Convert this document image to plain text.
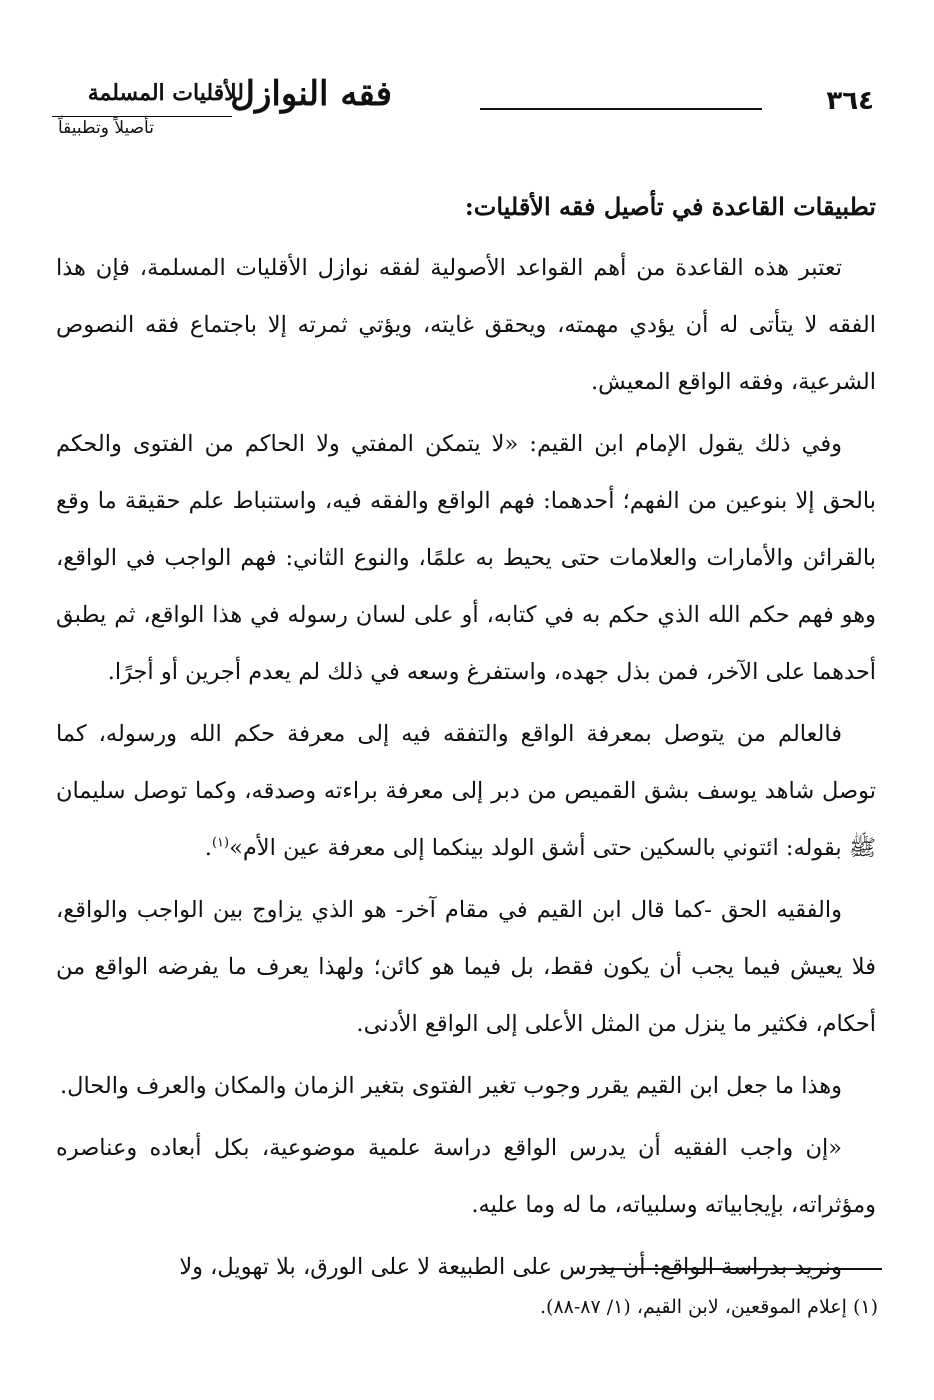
٣٦٤
فقه النوازل
للأقليات المسلمة
تأصيلاً وتطبيقاً

تطبيقات القاعدة في تأصيل فقه الأقليات:

تعتبر هذه القاعدة من أهم القواعد الأصولية لفقه نوازل الأقليات المسلمة، فإن هذا الفقه لا يتأتى له أن يؤدي مهمته، ويحقق غايته، ويؤتي ثمرته إلا باجتماع فقه النصوص الشرعية، وفقه الواقع المعيش.

وفي ذلك يقول الإمام ابن القيم: «لا يتمكن المفتي ولا الحاكم من الفتوى والحكم بالحق إلا بنوعين من الفهم؛ أحدهما: فهم الواقع والفقه فيه، واستنباط علم حقيقة ما وقع بالقرائن والأمارات والعلامات حتى يحيط به علمًا، والنوع الثاني: فهم الواجب في الواقع، وهو فهم حكم الله الذي حكم به في كتابه، أو على لسان رسوله في هذا الواقع، ثم يطبق أحدهما على الآخر، فمن بذل جهده، واستفرغ وسعه في ذلك لم يعدم أجرين أو أجرًا.

فالعالم من يتوصل بمعرفة الواقع والتفقه فيه إلى معرفة حكم الله ورسوله، كما توصل شاهد يوسف بشق القميص من دبر إلى معرفة براءته وصدقه، وكما توصل سليمان ﷺ بقوله: ائتوني بالسكين حتى أشق الولد بينكما إلى معرفة عين الأم»$^{(١)}$.

والفقيه الحق -كما قال ابن القيم في مقام آخر- هو الذي يزاوج بين الواجب والواقع، فلا يعيش فيما يجب أن يكون فقط، بل فيما هو كائن؛ ولهذا يعرف ما يفرضه الواقع من أحكام، فكثير ما ينزل من المثل الأعلى إلى الواقع الأدنى.

وهذا ما جعل ابن القيم يقرر وجوب تغير الفتوى بتغير الزمان والمكان والعرف والحال.

«إن واجب الفقيه أن يدرس الواقع دراسة علمية موضوعية، بكل أبعاده وعناصره ومؤثراته، بإيجابياته وسلبياته، ما له وما عليه.

ونريد بدراسة الواقع: أن يدرس على الطبيعة لا على الورق، بلا تهويل، ولا

(١) إعلام الموقعين، لابن القيم، (١/ ٨٧-٨٨).
